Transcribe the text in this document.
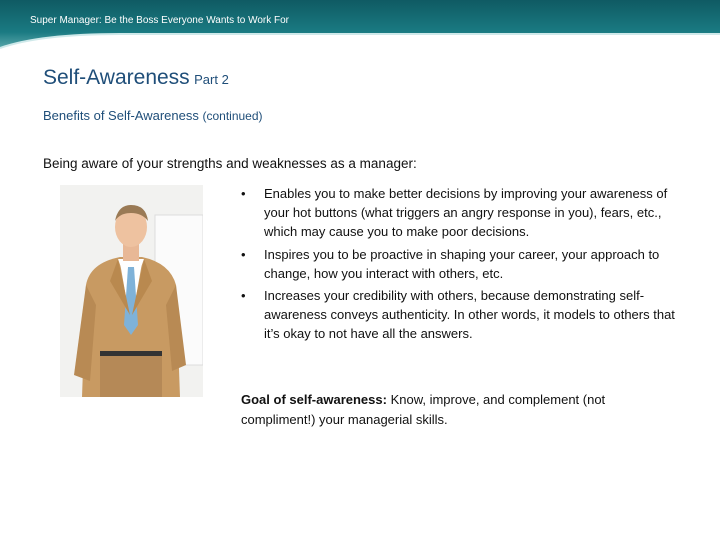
Super Manager: Be the Boss Everyone Wants to Work For
Self-Awareness Part 2
Benefits of Self-Awareness (continued)
Being aware of your strengths and weaknesses as a manager:
• Enables you to make better decisions by improving your awareness of your hot buttons (what triggers an angry response in you), fears, etc., which may cause you to make poor decisions.
• Inspires you to be proactive in shaping your career, your approach to change, how you interact with others, etc.
• Increases your credibility with others, because demonstrating self-awareness conveys authenticity. In other words, it models to others that it’s okay to not have all the answers.
Goal of self-awareness: Know, improve, and complement (not compliment!) your managerial skills.
